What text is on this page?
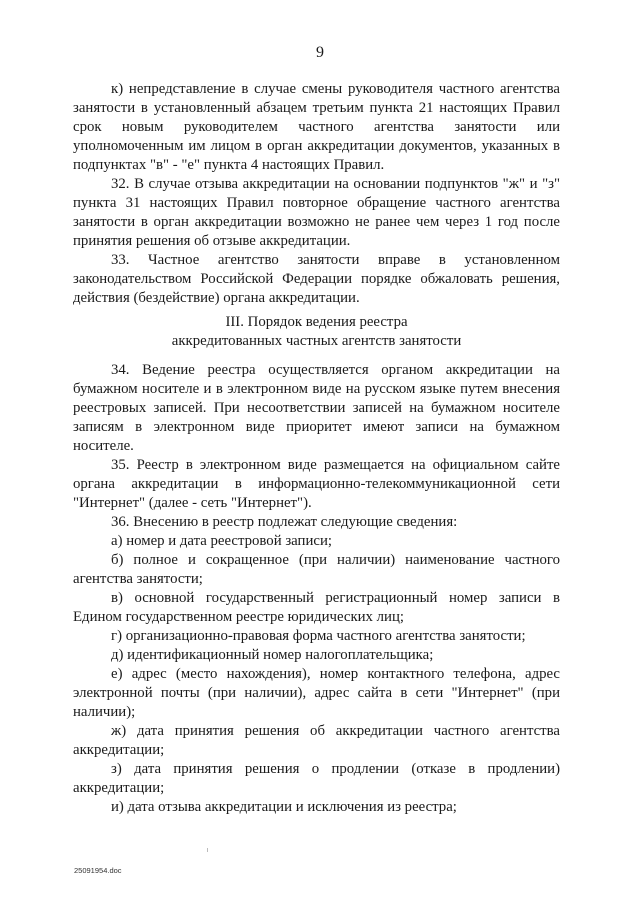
9

к) непредставление в случае смены руководителя частного агентства занятости в установленный абзацем третьим пункта 21 настоящих Правил срок новым руководителем частного агентства занятости или уполномоченным им лицом в орган аккредитации документов, указанных в подпунктах "в" - "е" пункта 4 настоящих Правил.

32. В случае отзыва аккредитации на основании подпунктов "ж" и "з" пункта 31 настоящих Правил повторное обращение частного агентства занятости в орган аккредитации возможно не ранее чем через 1 год после принятия решения об отзыве аккредитации.

33. Частное агентство занятости вправе в установленном законодательством Российской Федерации порядке обжаловать решения, действия (бездействие) органа аккредитации.

III. Порядок ведения реестра
аккредитованных частных агентств занятости

34. Ведение реестра осуществляется органом аккредитации на бумажном носителе и в электронном виде на русском языке путем внесения реестровых записей. При несоответствии записей на бумажном носителе записям в электронном виде приоритет имеют записи на бумажном носителе.

35. Реестр в электронном виде размещается на официальном сайте органа аккредитации в информационно-телекоммуникационной сети "Интернет" (далее - сеть "Интернет").

36. Внесению в реестр подлежат следующие сведения:

а) номер и дата реестровой записи;

б) полное и сокращенное (при наличии) наименование частного агентства занятости;

в) основной государственный регистрационный номер записи в Едином государственном реестре юридических лиц;

г) организационно-правовая форма частного агентства занятости;

д) идентификационный номер налогоплательщика;

е) адрес (место нахождения), номер контактного телефона, адрес электронной почты (при наличии), адрес сайта в сети "Интернет" (при наличии);

ж) дата принятия решения об аккредитации частного агентства аккредитации;

з) дата принятия решения о продлении (отказе в продлении) аккредитации;

и) дата отзыва аккредитации и исключения из реестра;

25091954.doc
